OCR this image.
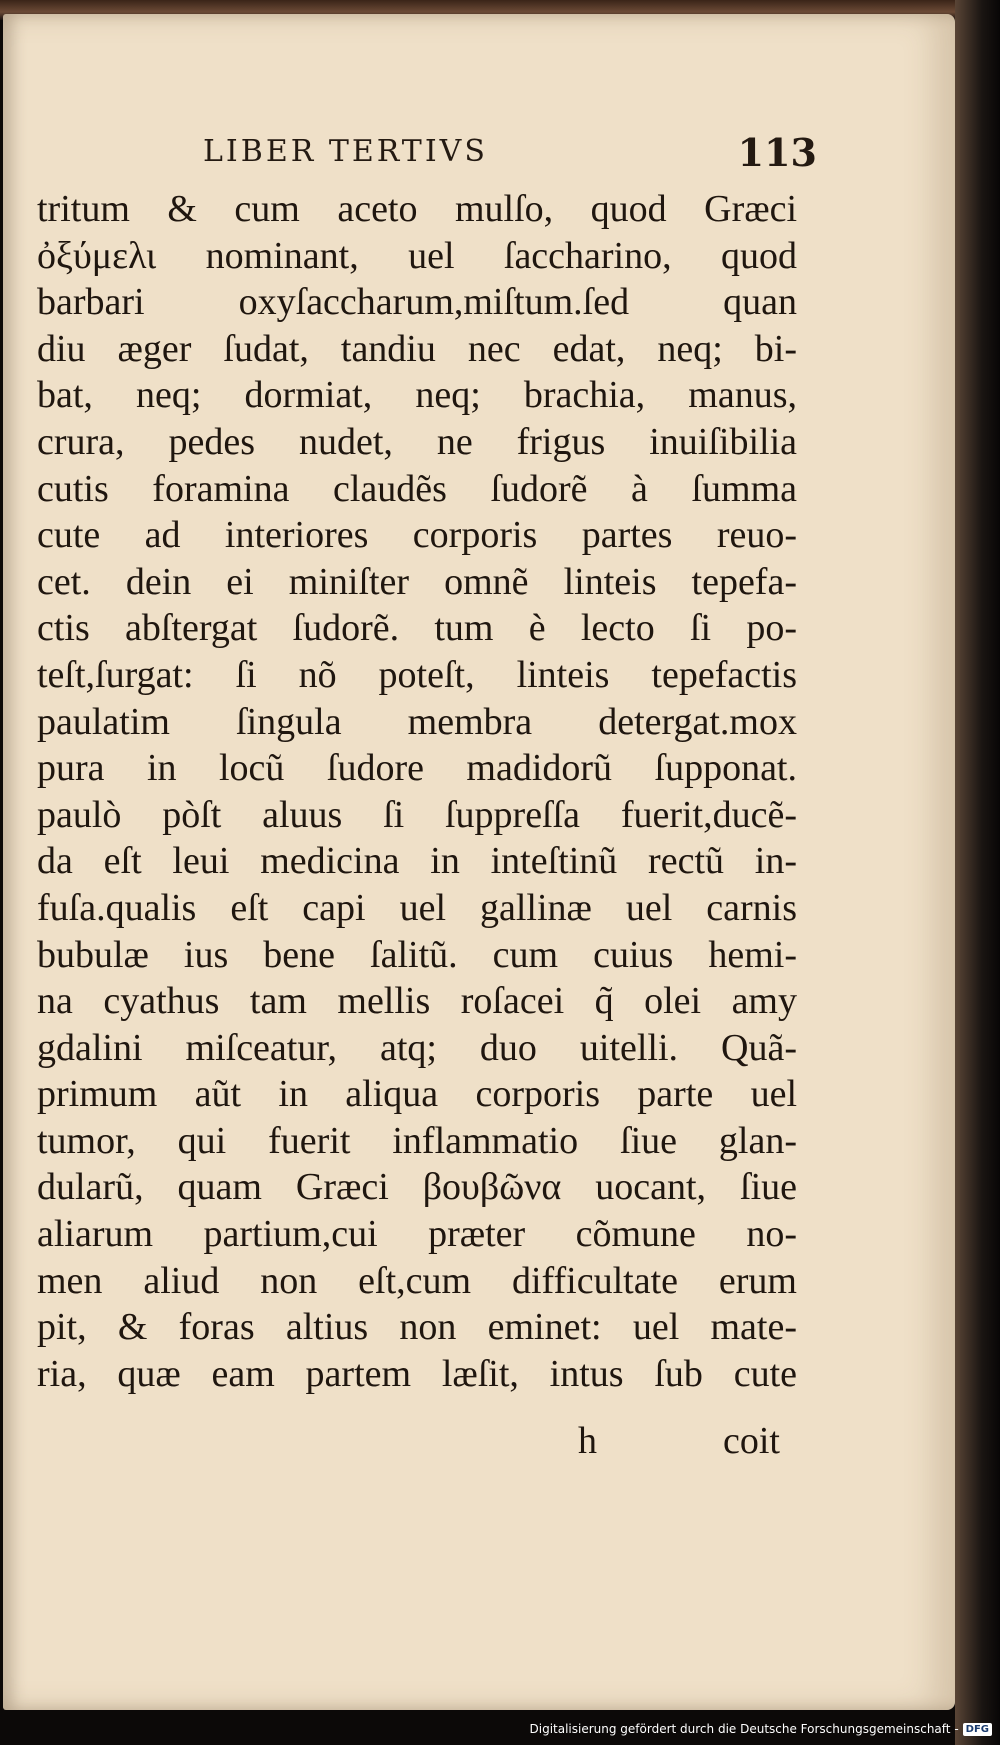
LIBER TERTIVS	113
tritum & cum aceto mulſo, quod Græci
ὀξύμελι nominant, uel ſaccharino, quod
barbari oxyſaccharum,miſtum.ſed quan
diu æger ſudat, tandiu nec edat, neq; bi-
bat, neq; dormiat, neq; brachia, manus,
crura, pedes nudet, ne frigus inuiſibilia
cutis foramina claudẽs ſudorẽ à ſumma
cute ad interiores corporis partes reuo-
cet. dein ei miniſter omnẽ linteis tepefa-
ctis abſtergat ſudorẽ. tum è lecto ſi po-
teſt,ſurgat: ſi nõ poteſt, linteis tepefactis
paulatim ſingula membra detergat.mox
pura in locũ ſudore madidorũ ſupponat.
paulò pòſt aluus ſi ſuppreſſa fuerit,ducẽ-
da eſt leui medicina in inteſtinũ rectũ in-
fuſa.qualis eſt capi uel gallinæ uel carnis
bubulæ ius bene ſalitũ. cum cuius hemi-
na cyathus tam mellis roſacei q̃ olei amy
gdalini miſceatur, atq; duo uitelli. Quã-
primum aũt in aliqua corporis parte uel
tumor, qui fuerit inflammatio ſiue glan-
dularũ, quam Græci βουβῶνα uocant, ſiue
aliarum partium,cui præter cõmune no-
men aliud non eſt,cum difficultate erum
pit, & foras altius non eminet: uel mate-
ria, quæ eam partem læſit, intus ſub cute
h	coit
Digitalisierung gefördert durch die Deutsche Forschungsgemeinschaft - DFG
